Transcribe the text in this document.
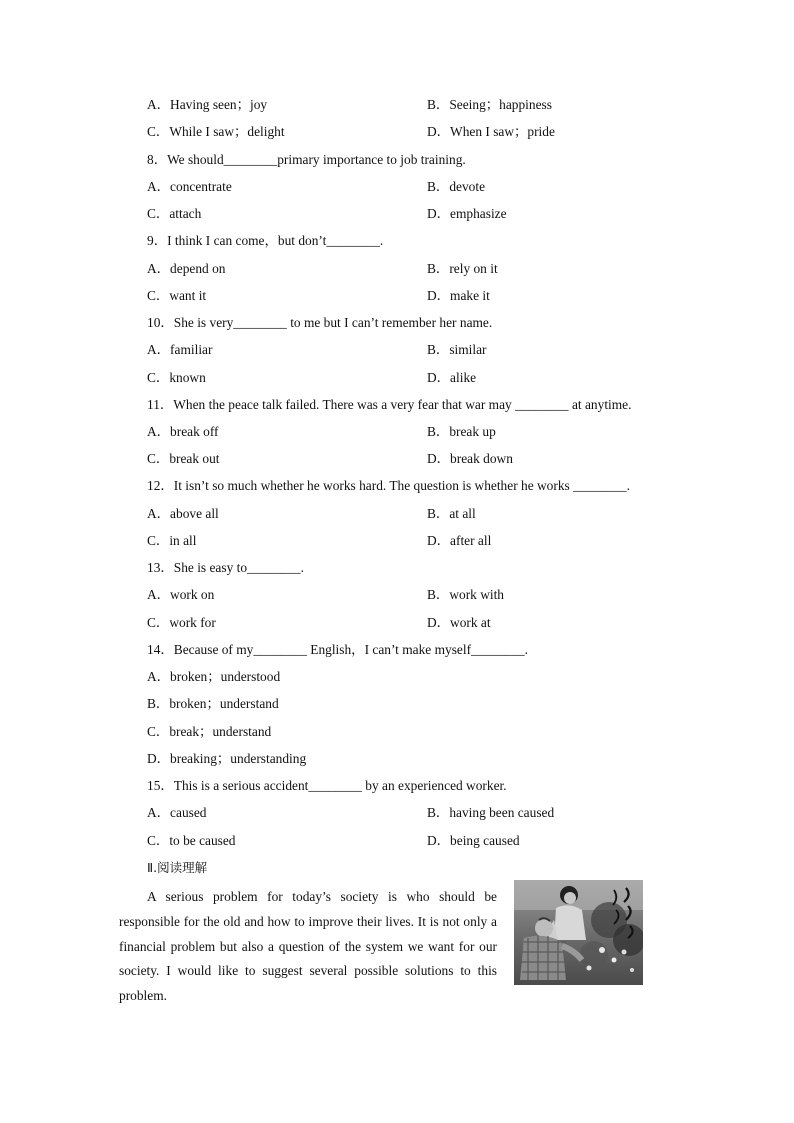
A．Having seen；joy	B．Seeing；happiness
C．While I saw；delight	D．When I saw；pride
8．We should________primary importance to job training.
A．concentrate	B．devote
C．attach	D．emphasize
9．I think I can come，but don’t________.
A．depend on	B．rely on it
C．want it	D．make it
10．She is very________ to me but I can’t remember her name.
A．familiar	B．similar
C．known	D．alike
11．When the peace talk failed. There was a very fear that war may ________ at anytime.
A．break off	B．break up
C．break out	D．break down
12．It isn’t so much whether he works hard. The question is whether he works ________.
A．above all	B．at all
C．in all	D．after all
13．She is easy to________.
A．work on	B．work with
C．work for	D．work at
14．Because of my________ English，I can’t make myself________.
A．broken；understood
B．broken；understand
C．break；understand
D．breaking；understanding
15．This is a serious accident________ by an experienced worker.
A．caused	B．having been caused
C．to be caused	D．being caused
Ⅱ.阅读理解

A serious problem for today’s society is who should be responsible for the old and how to improve their lives. It is not only a financial problem but also a question of the system we want for our society. I would like to suggest several possible solutions to this problem.
